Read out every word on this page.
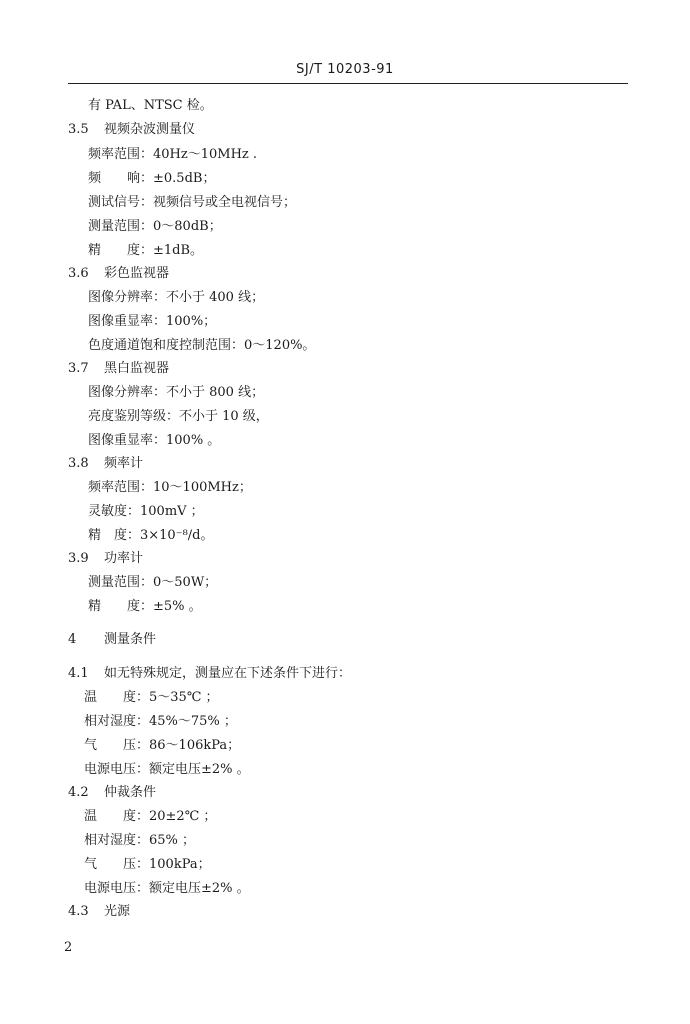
SJ/T 10203-91
有 PAL、NTSC 检。
3.5 视频杂波测量仪
频率范围：40Hz～10MHz .
频　　响：±0.5dB；
测试信号：视频信号或全电视信号；
测量范围：0～80dB；
精　　度：±1dB。
3.6 彩色监视器
图像分辨率：不小于 400 线；
图像重显率：100%；
色度通道饱和度控制范围：0～120%。
3.7 黑白监视器
图像分辨率：不小于 800 线；
亮度鉴别等级：不小于 10 级，
图像重显率：100% 。
3.8 频率计
频率范围：10～100MHz；
灵敏度：100mV ；
精　度：3×10⁻⁸/d。
3.9 功率计
测量范围：0～50W；
精　　度：±5% 。
4 测量条件
4.1 如无特殊规定，测量应在下述条件下进行：
温　　度：5～35℃ ；
相对湿度：45%～75% ；
气　　压：86～106kPa；
电源电压：额定电压±2% 。
4.2 仲裁条件
温　　度：20±2℃ ；
相对湿度：65% ；
气　　压：100kPa；
电源电压：额定电压±2% 。
4.3 光源
2
